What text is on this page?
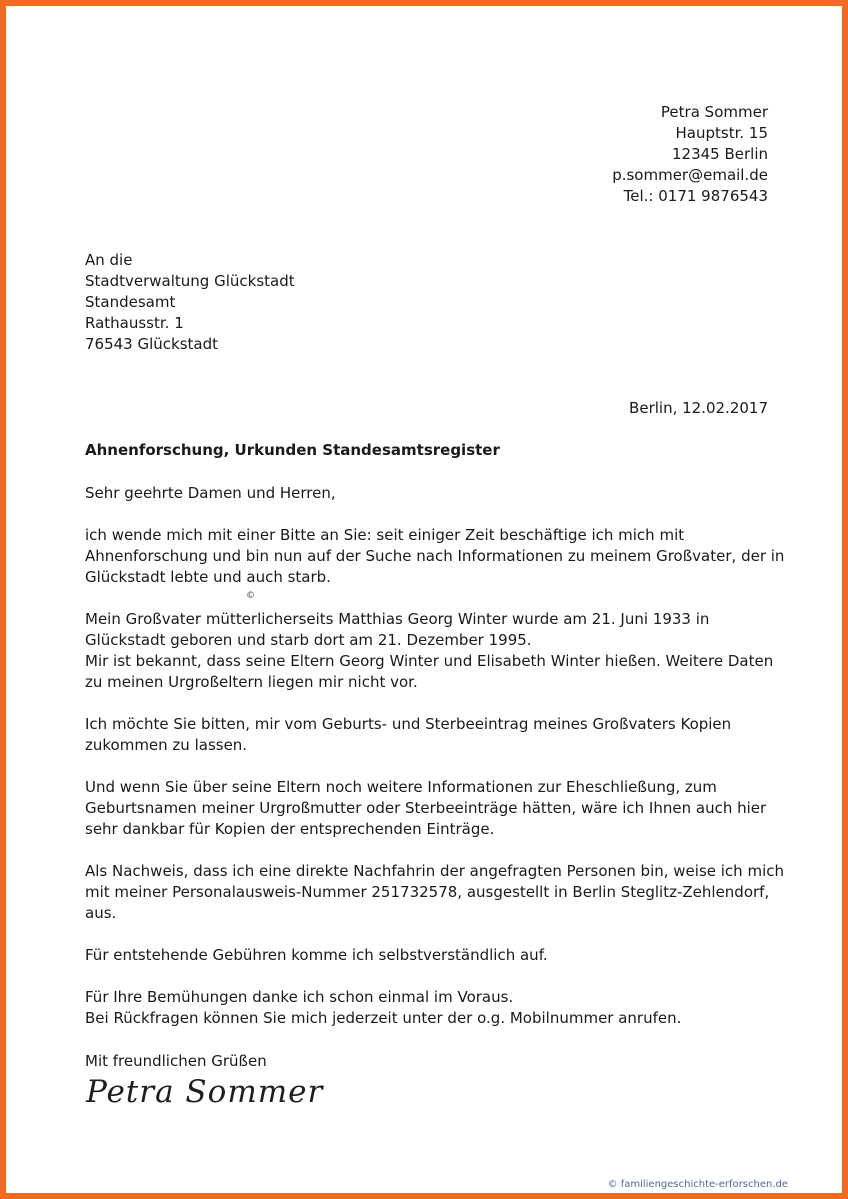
Petra Sommer
Hauptstr. 15
12345 Berlin
p.sommer@email.de
Tel.: 0171 9876543
An die
Stadtverwaltung Glückstadt
Standesamt
Rathausstr. 1
76543 Glückstadt
Berlin, 12.02.2017
Ahnenforschung, Urkunden Standesamtsregister

Sehr geehrte Damen und Herren,

ich wende mich mit einer Bitte an Sie: seit einiger Zeit beschäftige ich mich mit Ahnenforschung und bin nun auf der Suche nach Informationen zu meinem Großvater, der in Glückstadt lebte und auch starb.

Mein Großvater mütterlicherseits Matthias Georg Winter wurde am 21. Juni 1933 in Glückstadt geboren und starb dort am 21. Dezember 1995.
Mir ist bekannt, dass seine Eltern Georg Winter und Elisabeth Winter hießen. Weitere Daten zu meinen Urgroßeltern liegen mir nicht vor.

Ich möchte Sie bitten, mir vom Geburts- und Sterbeeintrag meines Großvaters Kopien zukommen zu lassen.

Und wenn Sie über seine Eltern noch weitere Informationen zur Eheschließung, zum Geburtsnamen meiner Urgroßmutter oder Sterbeeinträge hätten, wäre ich Ihnen auch hier sehr dankbar für Kopien der entsprechenden Einträge.

Als Nachweis, dass ich eine direkte Nachfahrin der angefragten Personen bin, weise ich mich mit meiner Personalausweis-Nummer 251732578, ausgestellt in Berlin Steglitz-Zehlendorf, aus.

Für entstehende Gebühren komme ich selbstverständlich auf.

Für Ihre Bemühungen danke ich schon einmal im Voraus.
Bei Rückfragen können Sie mich jederzeit unter der o.g. Mobilnummer anrufen.

©
Mit freundlichen Grüßen
Petra Sommer
© familiengeschichte-erforschen.de
